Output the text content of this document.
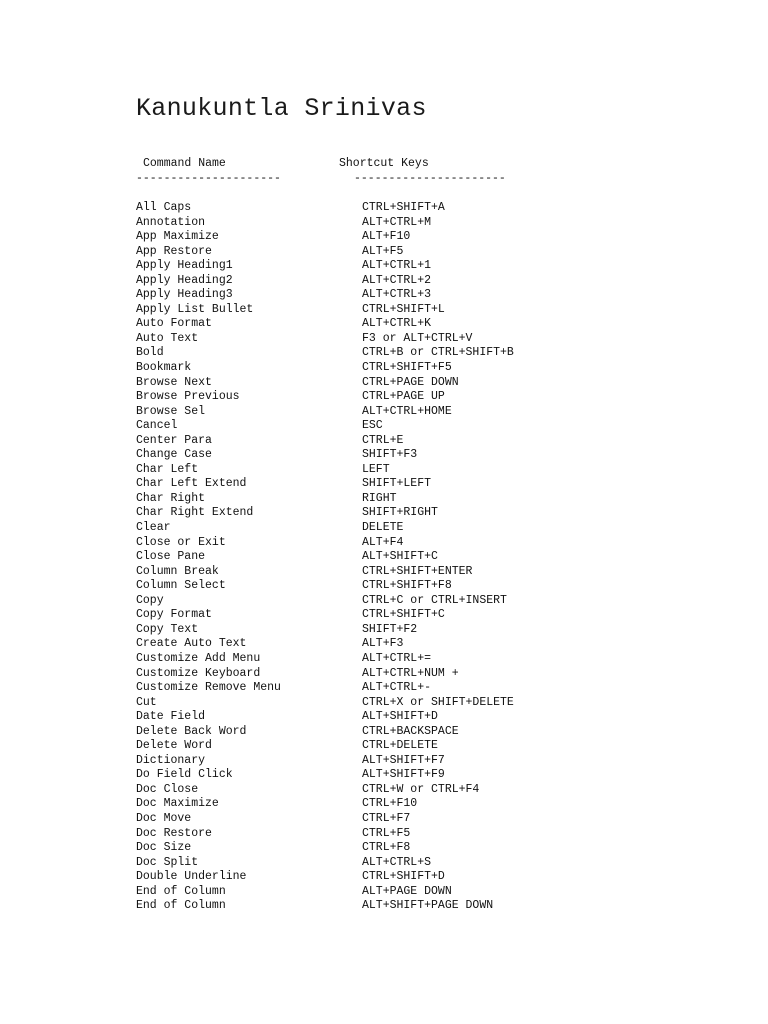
Kanukuntla Srinivas
Command Name	Shortcut Keys
---------------------	----------------------
All Caps	CTRL+SHIFT+A
Annotation	ALT+CTRL+M
App Maximize	ALT+F10
App Restore	ALT+F5
Apply Heading1	ALT+CTRL+1
Apply Heading2	ALT+CTRL+2
Apply Heading3	ALT+CTRL+3
Apply List Bullet	CTRL+SHIFT+L
Auto Format	ALT+CTRL+K
Auto Text	F3 or ALT+CTRL+V
Bold	CTRL+B or CTRL+SHIFT+B
Bookmark	CTRL+SHIFT+F5
Browse Next	CTRL+PAGE DOWN
Browse Previous	CTRL+PAGE UP
Browse Sel	ALT+CTRL+HOME
Cancel	ESC
Center Para	CTRL+E
Change Case	SHIFT+F3
Char Left	LEFT
Char Left Extend	SHIFT+LEFT
Char Right	RIGHT
Char Right Extend	SHIFT+RIGHT
Clear	DELETE
Close or Exit	ALT+F4
Close Pane	ALT+SHIFT+C
Column Break	CTRL+SHIFT+ENTER
Column Select	CTRL+SHIFT+F8
Copy	CTRL+C or CTRL+INSERT
Copy Format	CTRL+SHIFT+C
Copy Text	SHIFT+F2
Create Auto Text	ALT+F3
Customize Add Menu	ALT+CTRL+=
Customize Keyboard	ALT+CTRL+NUM +
Customize Remove Menu	ALT+CTRL+-
Cut	CTRL+X or SHIFT+DELETE
Date Field	ALT+SHIFT+D
Delete Back Word	CTRL+BACKSPACE
Delete Word	CTRL+DELETE
Dictionary	ALT+SHIFT+F7
Do Field Click	ALT+SHIFT+F9
Doc Close	CTRL+W or CTRL+F4
Doc Maximize	CTRL+F10
Doc Move	CTRL+F7
Doc Restore	CTRL+F5
Doc Size	CTRL+F8
Doc Split	ALT+CTRL+S
Double Underline	CTRL+SHIFT+D
End of Column	ALT+PAGE DOWN
End of Column	ALT+SHIFT+PAGE DOWN
